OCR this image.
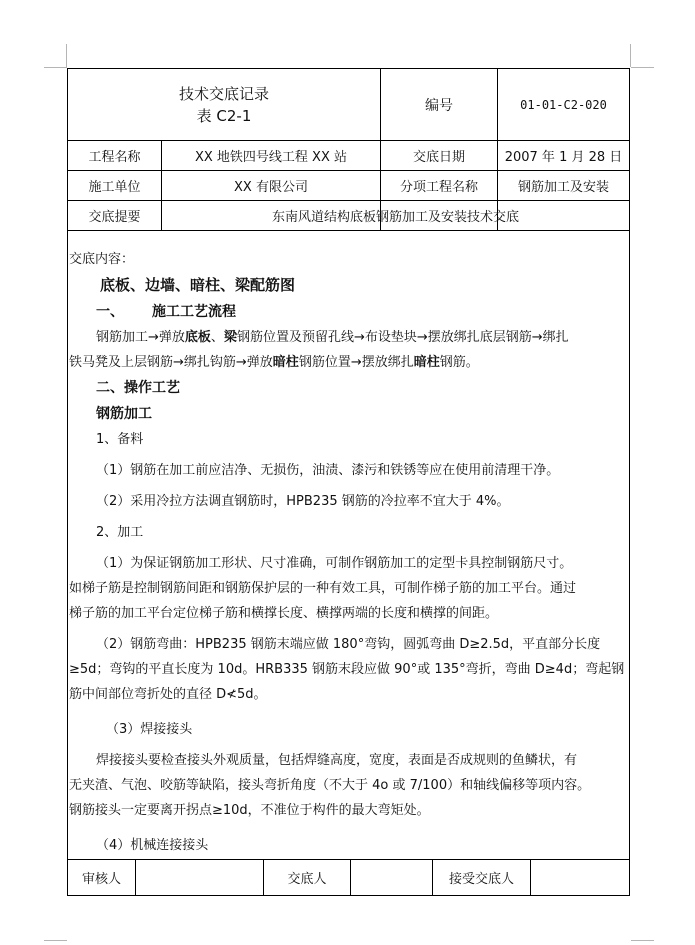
技术交底记录
表 C2-1
编号	01-01-C2-020
工程名称	XX 地铁四号线工程 XX 站	交底日期	2007 年 1 月 28 日
施工单位	XX 有限公司	分项工程名称	钢筋加工及安装
交底提要	东南风道结构底板钢筋加工及安装技术交底

交底内容：

底板、边墙、暗柱、梁配筋图

一、 施工工艺流程

钢筋加工→弹放底板、梁钢筋位置及预留孔线→布设垫块→摆放绑扎底层钢筋→绑扎

铁马凳及上层钢筋→绑扎钩筋→弹放暗柱钢筋位置→摆放绑扎暗柱钢筋。

二、操作工艺

钢筋加工

1、备料

（1）钢筋在加工前应洁净、无损伤，油渍、漆污和铁锈等应在使用前清理干净。

（2）采用冷拉方法调直钢筋时，HPB235 钢筋的冷拉率不宜大于 4%。

2、加工

（1）为保证钢筋加工形状、尺寸准确，可制作钢筋加工的定型卡具控制钢筋尺寸。

如梯子筋是控制钢筋间距和钢筋保护层的一种有效工具，可制作梯子筋的加工平台。通过

梯子筋的加工平台定位梯子筋和横撑长度、横撑两端的长度和横撑的间距。

（2）钢筋弯曲：HPB235 钢筋末端应做 180°弯钩，圆弧弯曲 D≥2.5d，平直部分长度

≥5d；弯钩的平直长度为 10d。HRB335 钢筋末段应做 90°或 135°弯折，弯曲 D≥4d；弯起钢

筋中间部位弯折处的直径 D≮5d。

（3）焊接接头

焊接接头要检查接头外观质量，包括焊缝高度，宽度，表面是否成规则的鱼鳞状，有

无夹渣、气泡、咬筋等缺陷，接头弯折角度（不大于 4o 或 7/100）和轴线偏移等项内容。

钢筋接头一定要离开拐点≥10d，不准位于构件的最大弯矩处。

（4）机械连接接头

审核人	交底人	接受交底人
